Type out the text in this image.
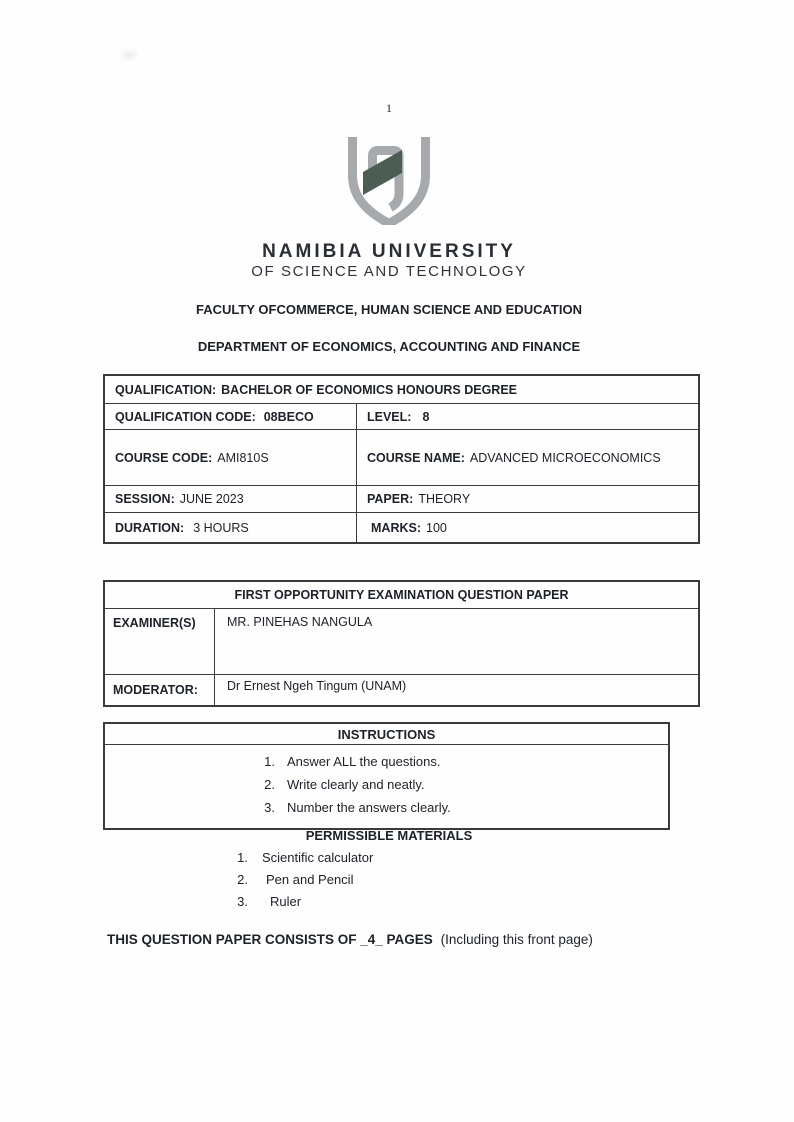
1
NAMIBIA UNIVERSITY
OF SCIENCE AND TECHNOLOGY
FACULTY OFCOMMERCE, HUMAN SCIENCE AND EDUCATION
DEPARTMENT OF ECONOMICS, ACCOUNTING AND FINANCE
QUALIFICATION: BACHELOR OF ECONOMICS HONOURS DEGREE
QUALIFICATION CODE: 08BECO	LEVEL: 8
COURSE CODE: AMI810S	COURSE NAME: ADVANCED MICROECONOMICS
SESSION: JUNE 2023	PAPER: THEORY
DURATION: 3 HOURS	MARKS: 100
FIRST OPPORTUNITY EXAMINATION QUESTION PAPER
EXAMINER(S)	MR. PINEHAS NANGULA
MODERATOR:	Dr Ernest Ngeh Tingum (UNAM)
INSTRUCTIONS
1. Answer ALL the questions.
2. Write clearly and neatly.
3. Number the answers clearly.
PERMISSIBLE MATERIALS
1. Scientific calculator
2. Pen and Pencil
3. Ruler
THIS QUESTION PAPER CONSISTS OF _4_ PAGES (Including this front page)
